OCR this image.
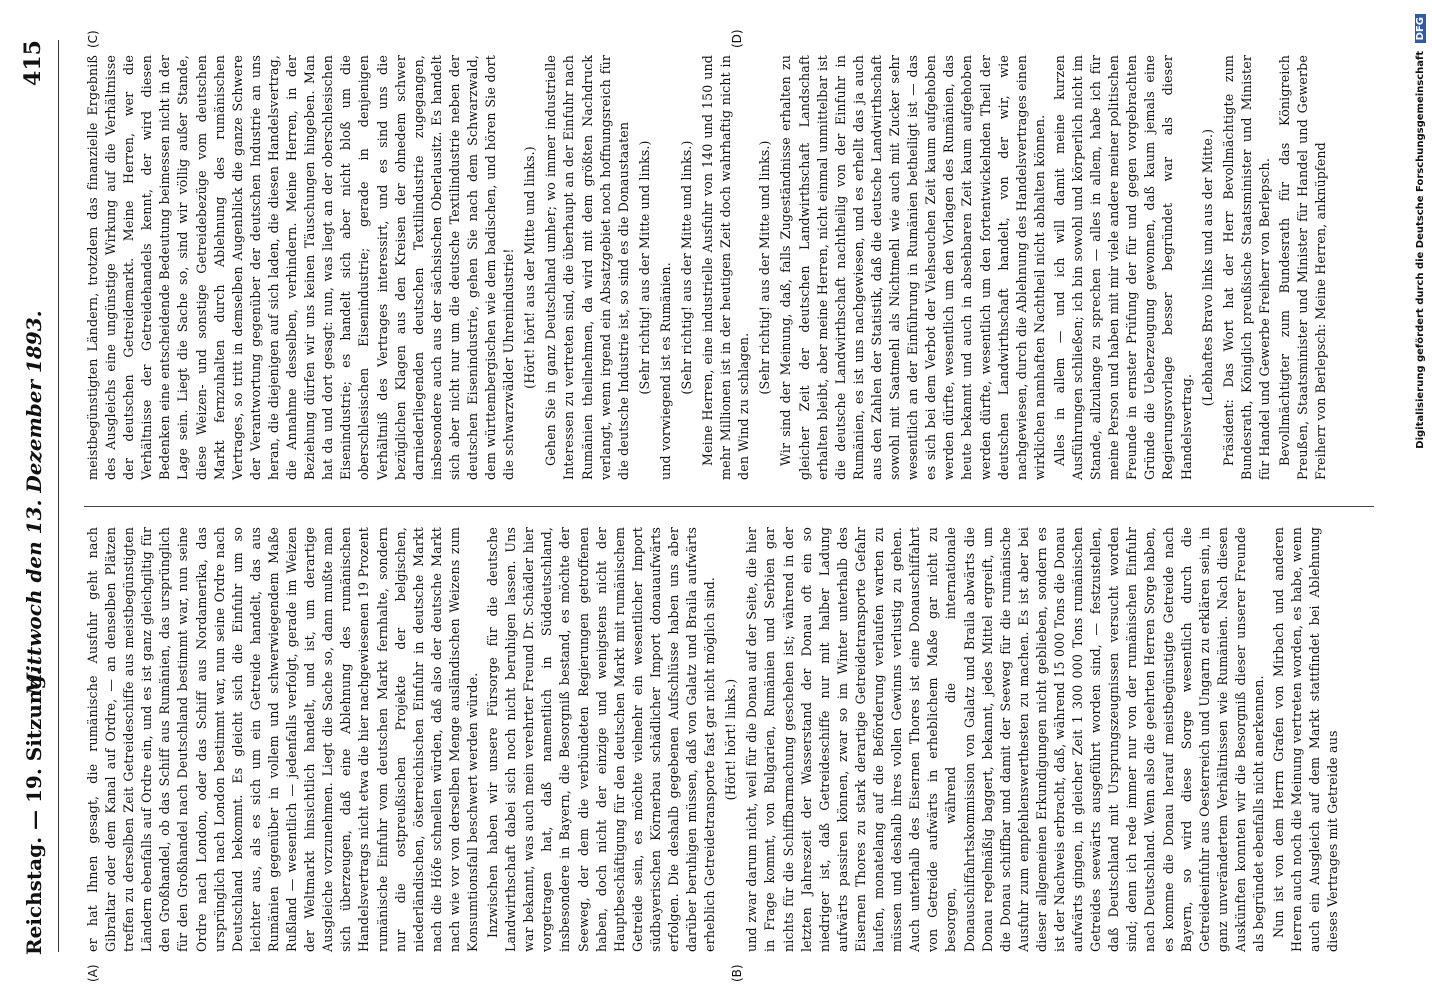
Reichstag. — 19. Sitzung.
Mittwoch den 13. Dezember 1893.
415
(A)	(B)
(C)	(D)

er hat Ihnen gesagt, die rumänische Ausfuhr geht nach Gibraltar oder dem Kanal auf Ordre, — an denselben Plätzen treffen zu derselben Zeit Getreideschiffe aus meistbegünstigten Ländern ebenfalls auf Ordre ein, und es ist ganz gleichgiltig für den Großhandel, ob das Schiff aus Rumänien, das ursprünglich für den Großhandel nach Deutschland bestimmt war, nun seine Ordre nach London, oder das Schiff aus Nordamerika, das ursprünglich nach London bestimmt war, nun seine Ordre nach Deutschland bekommt. Es gleicht sich die Einfuhr um so leichter aus, als es sich um ein Getreide handelt, das aus Rumänien gegenüber in vollem und schwerwiegendem Maße Rußland — wesentlich — jedenfalls verfolgt, gerade im Weizen der Weltmarkt hinsichtlich handelt, und ist, um derartige Ausgleiche vorzunehmen. Liegt die Sache so, dann mußte man sich überzeugen, daß eine Ablehnung des rumänischen Handelsvertrags nicht etwa die hier nachgewiesenen 19 Prozent rumänische Einfuhr vom deutschen Markt fernhalte, sondern nur die ostpreußischen Projekte der belgischen, niederländischen, österreichischen Einfuhr in deutsche Markt nach die Höfe schnellen würden, daß also der deutsche Markt nach wie vor von derselben Menge ausländischen Weizens zum Konsumtionsfall beschwert werden würde. Inzwischen haben wir unsere Fürsorge für die deutsche Landwirthschaft dabei sich noch nicht beruhigen lassen. Uns war bekannt, was auch mein verehrter Freund Dr. Schädler hier vorgetragen hat, daß namentlich in Süddeutschland, insbesondere in Bayern, die Besorgniß bestand, es möchte der Seeweg, der dem die verbündeten Regierungen getroffenen haben, doch nicht der einzige und wenigstens nicht der Hauptbeschäftigung für den deutschen Markt mit rumänischem Getreide sein, es möchte vielmehr ein wesentlicher Import südbayerischen Körnerbau schädlicher Import donauaufwärts erfolgen. Die deshalb gegebenen Aufschlüsse haben uns aber darüber beruhigen müssen, daß von Galatz und Braila aufwärts erheblich Getreidetransporte fast gar nicht möglich sind. (Hört! hört! links.) und zwar darum nicht, weil für die Donau auf der Seite, die hier in Frage kommt, von Bulgarien, Rumänien und Serbien gar nichts für die Schiffbarmachung geschehen ist; während in der letzten Jahreszeit der Wasserstand der Donau oft ein so niedriger ist, daß Getreideschiffe nur mit halber Ladung aufwärts passiren können, zwar so im Winter unterhalb des Eisernen Thores zu stark derartige Getreidetransporte Gefahr laufen, monatelang auf die Beförderung verlaufen warten zu müssen und deshalb ihres vollen Gewinns verlustig zu gehen. Auch unterhalb des Eisernen Thores ist eine Donauschiffahrt von Getreide aufwärts in erheblichem Maße gar nicht zu besorgen, während die internationale Donauschiffahrtskommission von Galatz und Braila abwärts die Donau regelmäßig baggert, bekannt, jedes Mittel ergreift, um die Donau schiffbar und damit der Seeweg für die rumänische Ausfuhr zum empfehlenswerthesten zu machen. Es ist aber bei dieser allgemeinen Erkundigungen nicht geblieben, sondern es ist der Nachweis erbracht, daß, während 15 000 Tons die Donau aufwärts gingen, in gleicher Zeit 1 300 000 Tons rumänischen Getreides seewärts ausgeführt worden sind, — festzustellen, daß Deutschland mit Ursprungszeugnissen versucht worden sind; denn ich rede immer nur von der rumänischen Einfuhr nach Deutschland. Wenn also die geehrten Herren Sorge haben, es komme die Donau herauf meistbegünstigte Getreide nach Bayern, so wird diese Sorge wesentlich durch die Getreideeinfuhr aus Oesterreich und Ungarn zu erklären sein, in ganz unverändertem Verhältnissen wie Rumänien. Nach diesen Auskünften konnten wir die Besorgniß dieser unserer Freunde als begründet ebenfalls nicht anerkennen. Nun ist von dem Herrn Grafen von Mirbach und anderen Herren auch noch die Meinung vertreten worden, es habe, wenn auch ein Ausgleich auf dem Markt stattfindet bei Ablehnung dieses Vertrages mit Getreide aus

meistbegünstigten Ländern, trotzdem das finanzielle Ergebniß des Ausgleichs eine ungünstige Wirkung auf die Verhältnisse der deutschen Getreidemarkt. Meine Herren, wer die Verhältnisse der Getreidehandels kennt, der wird diesen Bedenken eine entscheidende Bedeutung beimessen nicht in der Lage sein. Liegt die Sache so, sind wir völlig außer Stande, diese Weizen- und sonstige Getreidebezüge vom deutschen Markt fernzuhalten durch Ablehnung des rumänischen Vertrages, so tritt in demselben Augenblick die ganze Schwere der Verantwortung gegenüber der deutschen Industrie an uns heran, die diejenigen auf sich laden, die diesen Handelsvertrag, die Annahme desselben, verhindern. Meine Herren, in der Beziehung dürfen wir uns keinen Täuschungen hingeben. Man hat da und dort gesagt: nun, was liegt an der oberschlesischen Eisenindustrie; es handelt sich aber nicht bloß um die oberschlesischen Eisenindustrie; gerade in denjenigen Verhältniß des Vertrages interessirt, und es sind uns die bezüglichen Klagen aus den Kreisen der ohnedem schwer darniederliegenden deutschen Textilindustrie zugegangen, insbesondere auch aus der sächsischen Oberlausitz. Es handelt sich aber nicht nur um die deutsche Textilindustrie neben der deutschen Eisenindustrie, gehen Sie nach dem Schwarzwald, dem württembergischen wie dem badischen, und hören Sie dort die schwarzwälder Uhrenindustrie! (Hört! hört! aus der Mitte und links.) Gehen Sie in ganz Deutschland umher; wo immer industrielle Interessen zu vertreten sind, die überhaupt an der Einfuhr nach Rumänien theilnehmen, da wird mit dem größten Nachdruck verlangt, wenn irgend ein Absatzgebiet noch hoffnungsreich für die deutsche Industrie ist, so sind es die Donaustaaten (Sehr richtig! aus der Mitte und links.) und vorwiegend ist es Rumänien. (Sehr richtig! aus der Mitte und links.) Meine Herren, eine industrielle Ausfuhr von 140 und 150 und mehr Millionen ist in der heutigen Zeit doch wahrhaftig nicht in den Wind zu schlagen.

(Sehr richtig! aus der Mitte und links.) Wir sind der Meinung, daß, falls Zugeständnisse erhalten zu gleicher Zeit der deutschen Landwirthschaft Landschaft erhalten bleibt, aber meine Herren, nicht einmal unmittelbar ist die deutsche Landwirthschaft nachtheilig von der Einfuhr in Rumänien, es ist uns nachgewiesen, und es erhellt das ja auch aus den Zahlen der Statistik, daß die deutsche Landwirthschaft sowohl mit Saatmehl als Nichtmehl wie auch mit Zucker sehr wesentlich an der Einführung in Rumänien betheiligt ist — das es sich bei dem Verbot der Viehseuchen Zeit kaum aufgehoben werden dürfte, wesentlich um den Vorlagen des Rumänien, das heute bekannt und auch in absehbaren Zeit kaum aufgehoben werden dürfte, wesentlich um den fortentwickelnden Theil der deutschen Landwirthschaft handelt, von der wir, wie nachgewiesen, durch die Ablehnung des Handelsvertrages einen wirklichen namhaften Nachtheil nicht abhalten können. Alles in allem — und ich will damit meine kurzen Ausführungen schließen; ich bin sowohl und körperlich nicht im Stande, allzulange zu sprechen — alles in allem, habe ich für meine Person und haben mit mir viele andere meiner politischen Freunde in ernster Prüfung der für und gegen vorgebrachten Gründe die Ueberzeugung gewonnen, daß kaum jemals eine Regierungsvorlage besser begründet war als dieser Handelsvertrag.

(Lebhaftes Bravo links und aus der Mitte.) Präsident: Das Wort hat der Herr Bevollmächtigte zum Bundesrath, Königlich preußische Staatsminister und Minister für Handel und Gewerbe Freiherr von Berlepsch. Bevollmächtigter zum Bundesrath für das Königreich Preußen, Staatsminister und Minister für Handel und Gewerbe Freiherr von Berlepsch: Meine Herren, anknüpfend	Digitalisierung gefördert durch die Deutsche Forschungsgemeinschaft DFG
